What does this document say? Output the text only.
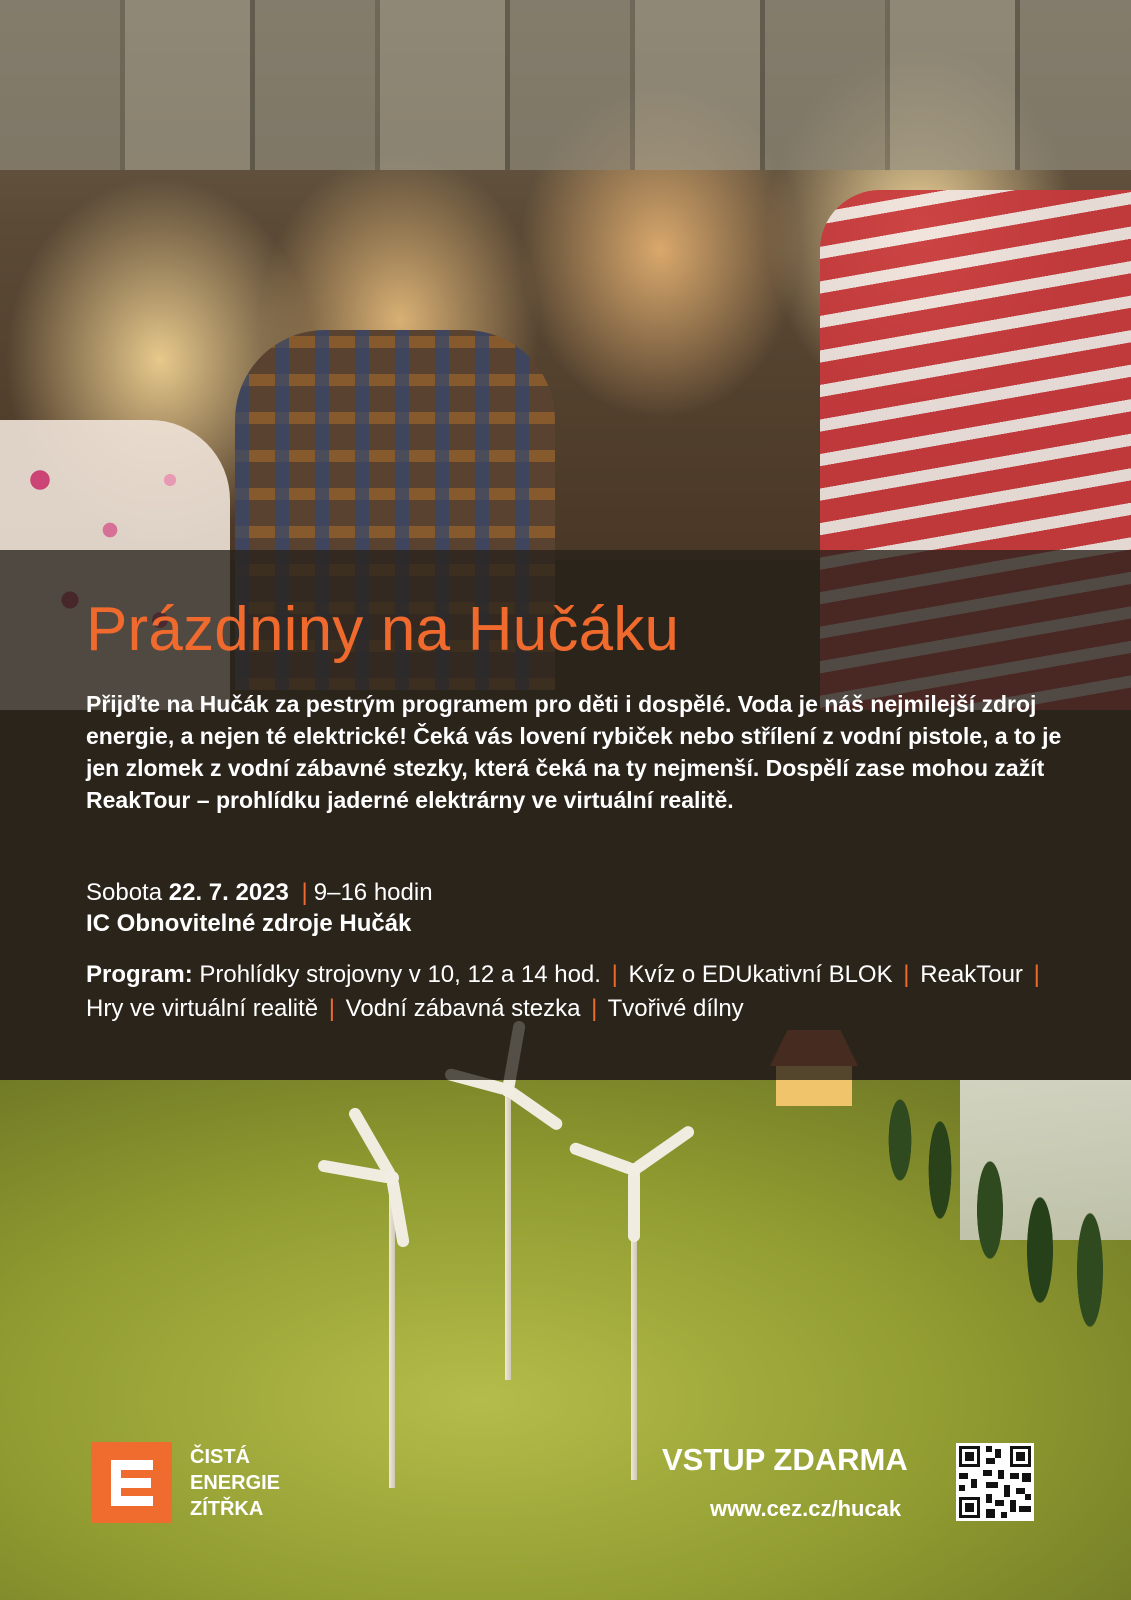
Prázdniny na Hučáku

Přijďte na Hučák za pestrým programem pro děti i dospělé. Voda je náš nejmilejší zdroj energie, a nejen té elektrické! Čeká vás lovení rybiček nebo střílení z vodní pistole, a to je jen zlomek z vodní zábavné stezky, která čeká na ty nejmenší. Dospělí zase mohou zažít ReakTour – prohlídku jaderné elektrárny ve virtuální realitě.

Sobota 22. 7. 2023 | 9–16 hodin

IC Obnovitelné zdroje Hučák

Program: Prohlídky strojovny v 10, 12 a 14 hod. | Kvíz o EDUkativní BLOK | ReakTour | Hry ve virtuální realitě | Vodní zábavná stezka | Tvořivé dílny

ČISTÁ
ENERGIE
ZÍTŘKA
VSTUP ZDARMA
www.cez.cz/hucak
